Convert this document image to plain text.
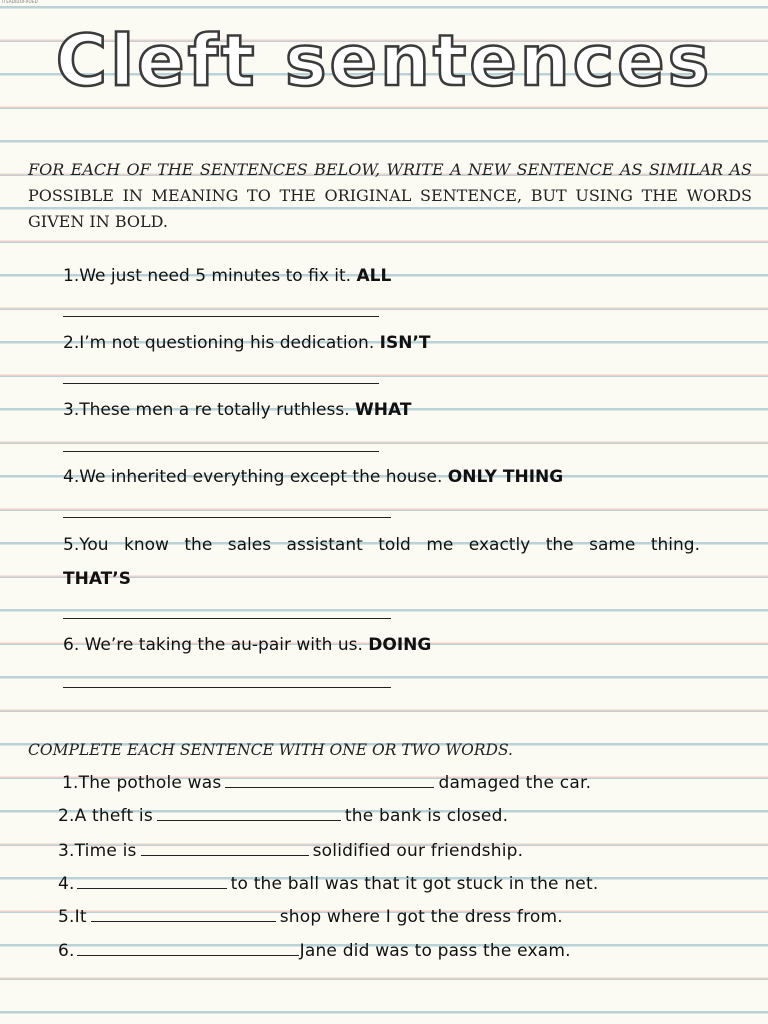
ITSADIDOFROED
Cleft sentences
FOR EACH OF THE SENTENCES BELOW, WRITE A NEW SENTENCE AS SIMILAR AS POSSIBLE IN MEANING TO THE ORIGINAL SENTENCE, BUT USING THE WORDS GIVEN IN BOLD.
1.We just need 5 minutes to fix it. ALL
2.I’m not questioning his dedication. ISN’T
3.These men a re totally ruthless. WHAT
4.We inherited everything except the house. ONLY THING
5.You know the sales assistant told me exactly the same thing.
THAT’S
6. We’re taking the au-pair with us. DOING
COMPLETE EACH SENTENCE WITH ONE OR TWO WORDS.
1.The pothole was	damaged the car.
2.A theft is	the bank is closed.
3.Time is	solidified our friendship.
4.	to the ball was that it got stuck in the net.
5.It	shop where I got the dress from.
6.	Jane did was to pass the exam.
